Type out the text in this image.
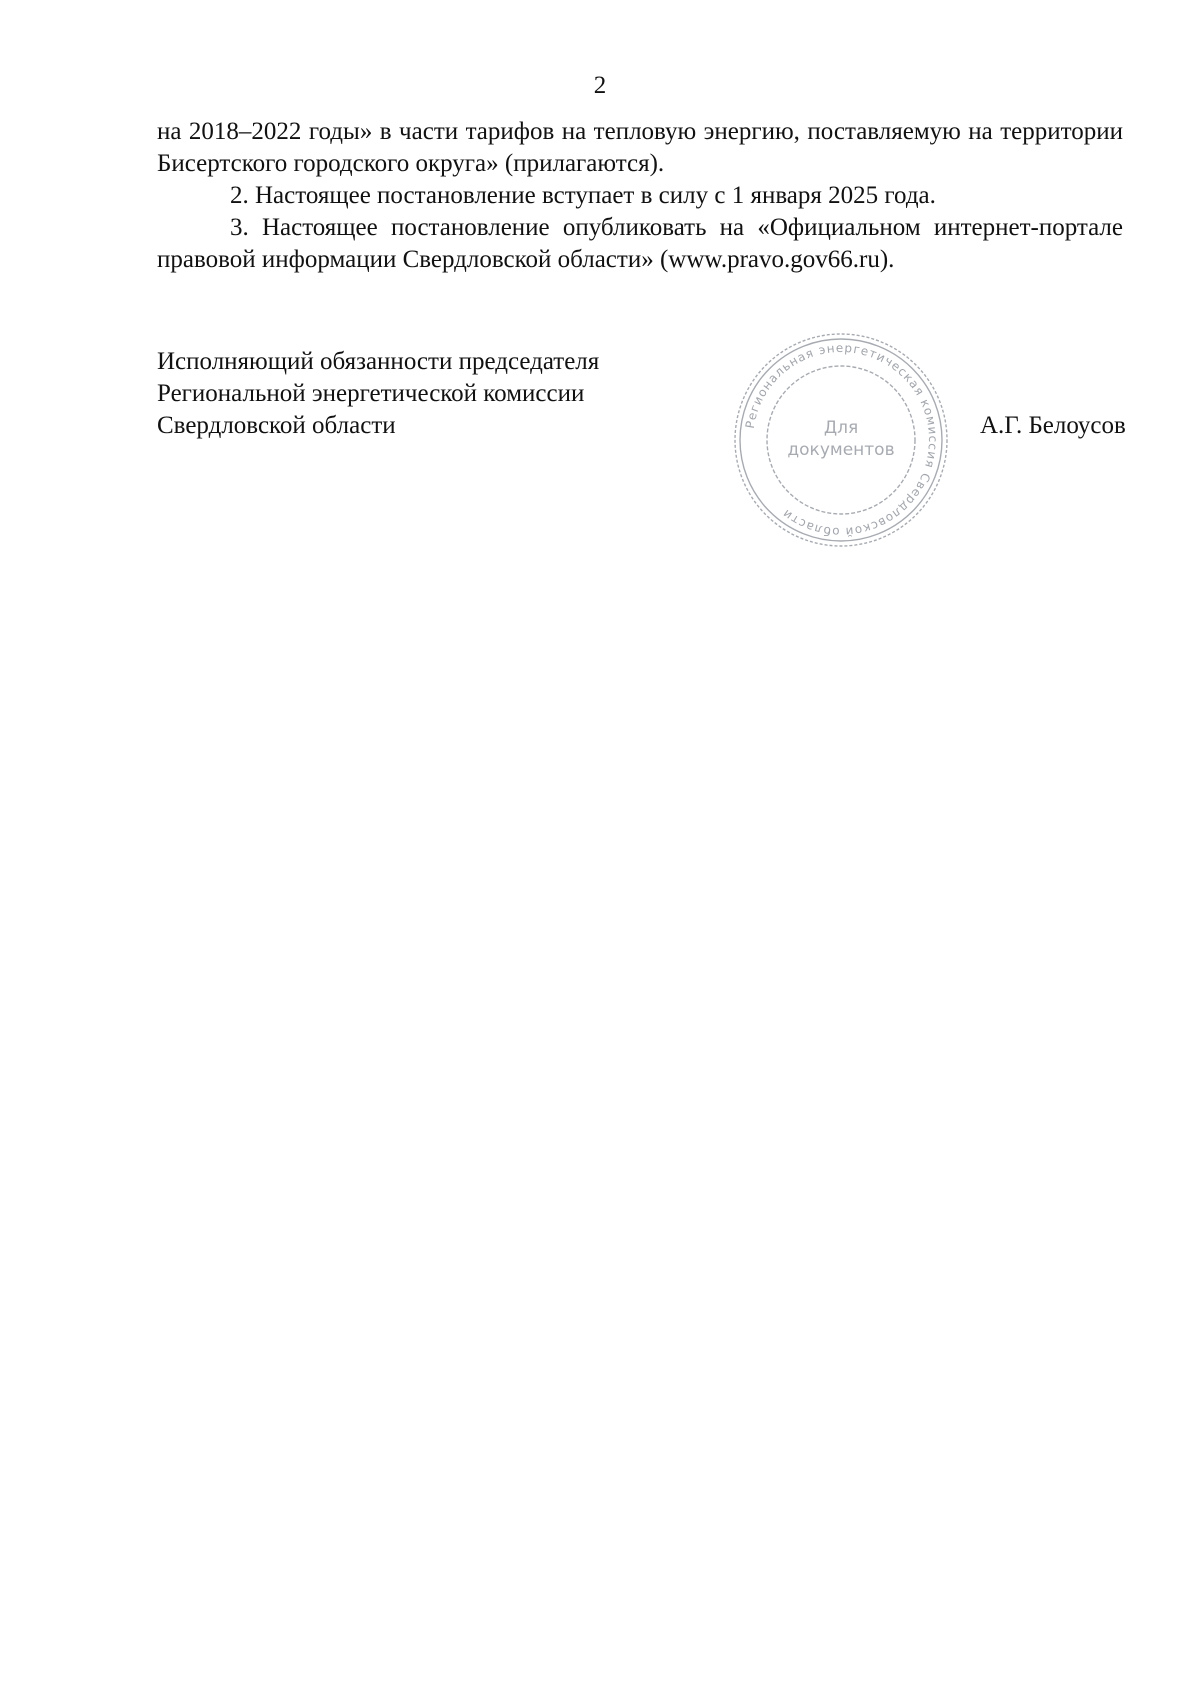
2

на 2018–2022 годы» в части тарифов на тепловую энергию, поставляемую на территории Бисертского городского округа» (прилагаются).

2. Настоящее постановление вступает в силу с 1 января 2025 года.

3. Настоящее постановление опубликовать на «Официальном интернет-портале правовой информации Свердловской области» (www.pravo.gov66.ru).

Исполняющий обязанности председателя
Региональной энергетической комиссии
Свердловской области	Региональная энергетическая комиссия Свердловской области
Для
документов
А.Г. Белоусов
